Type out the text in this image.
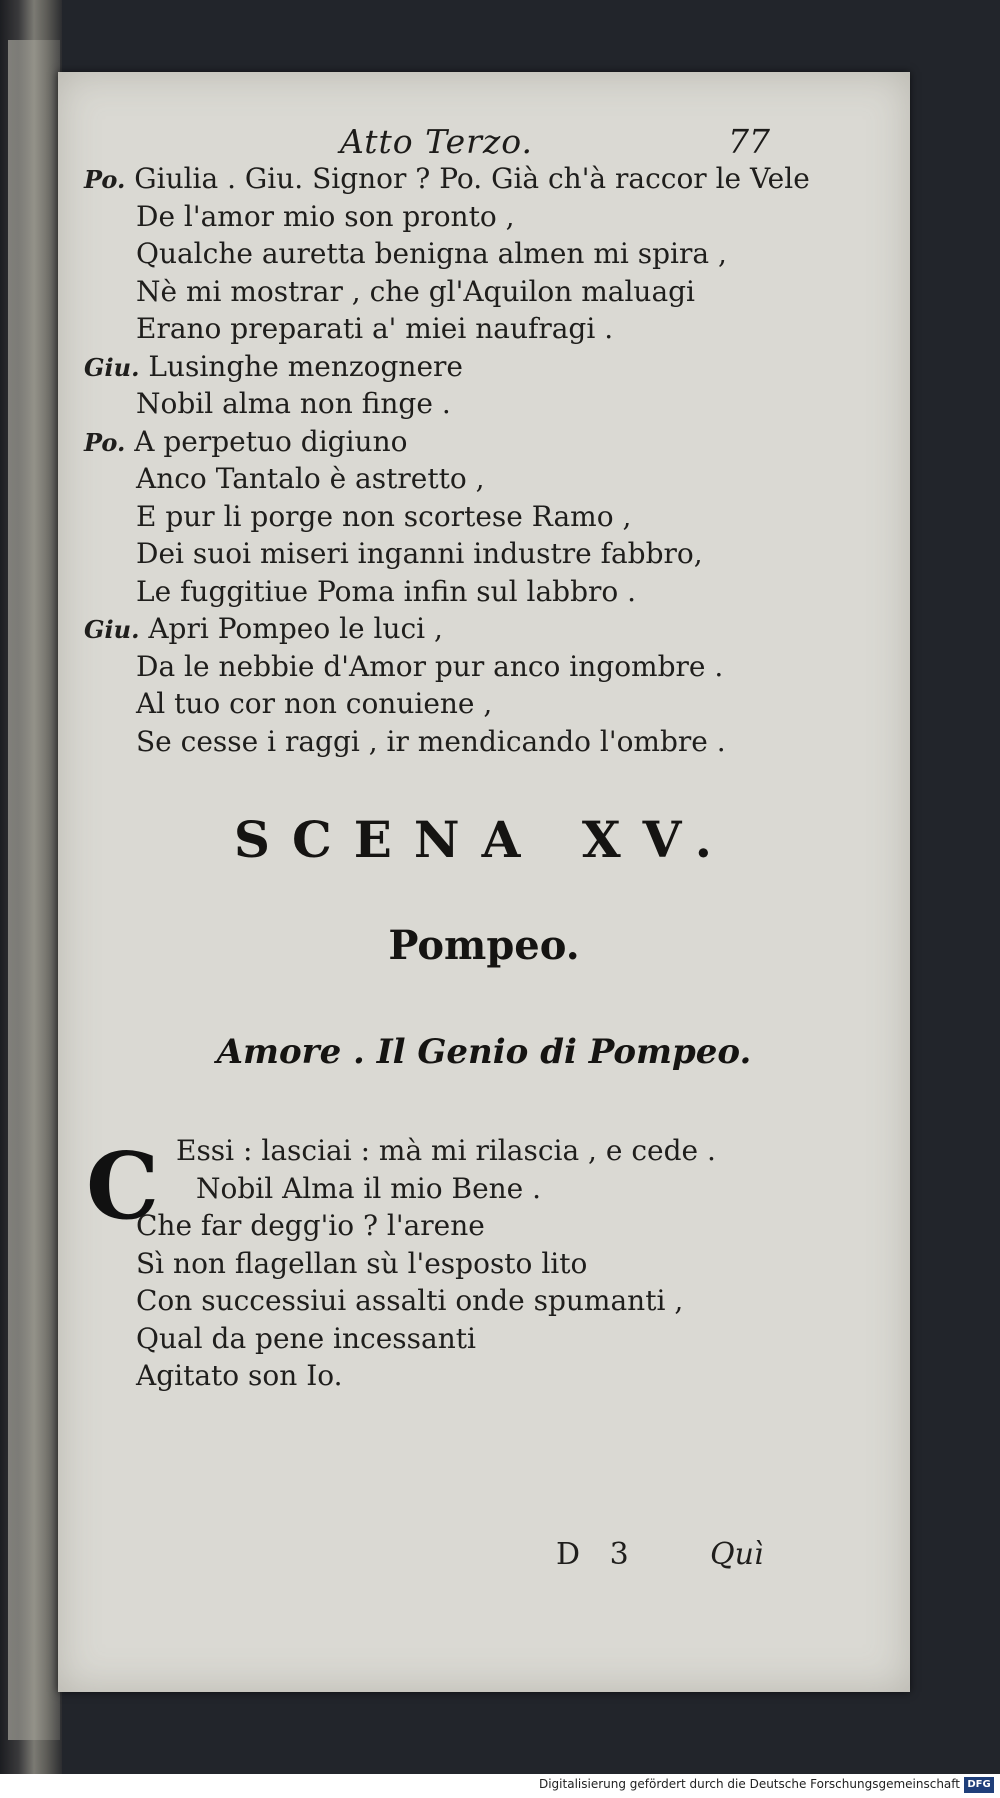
Atto Terzo.	77
Po. Giulia . Giu. Signor ? Po. Già ch'à raccor le Vele
De l'amor mio son pronto ,
Qualche auretta benigna almen mi spira ,
Nè mi mostrar , che gl'Aquilon maluagi
Erano preparati a' miei naufragi .
Giu. Lusinghe menzognere
Nobil alma non finge .
Po. A perpetuo digiuno
Anco Tantalo è astretto ,
E pur li porge non scortese Ramo ,
Dei suoi miseri inganni industre fabbro,
Le fuggitiue Poma infin sul labbro .
Giu. Apri Pompeo le luci ,
Da le nebbie d'Amor pur anco ingombre .
Al tuo cor non conuiene ,
Se cesse i raggi , ir mendicando l'ombre .
SCENA XV.
Pompeo.
Amore . Il Genio di Pompeo.
C Essi : lasciai : mà mi rilascia , e cede .
Nobil Alma il mio Bene .
Che far degg'io ? l'arene
Sì non flagellan sù l'esposto lito
Con successiui assalti onde spumanti ,
Qual da pene incessanti
Agitato son Io.
D 3 Quì
Digitalisierung gefördert durch die Deutsche Forschungsgemeinschaft DFG
